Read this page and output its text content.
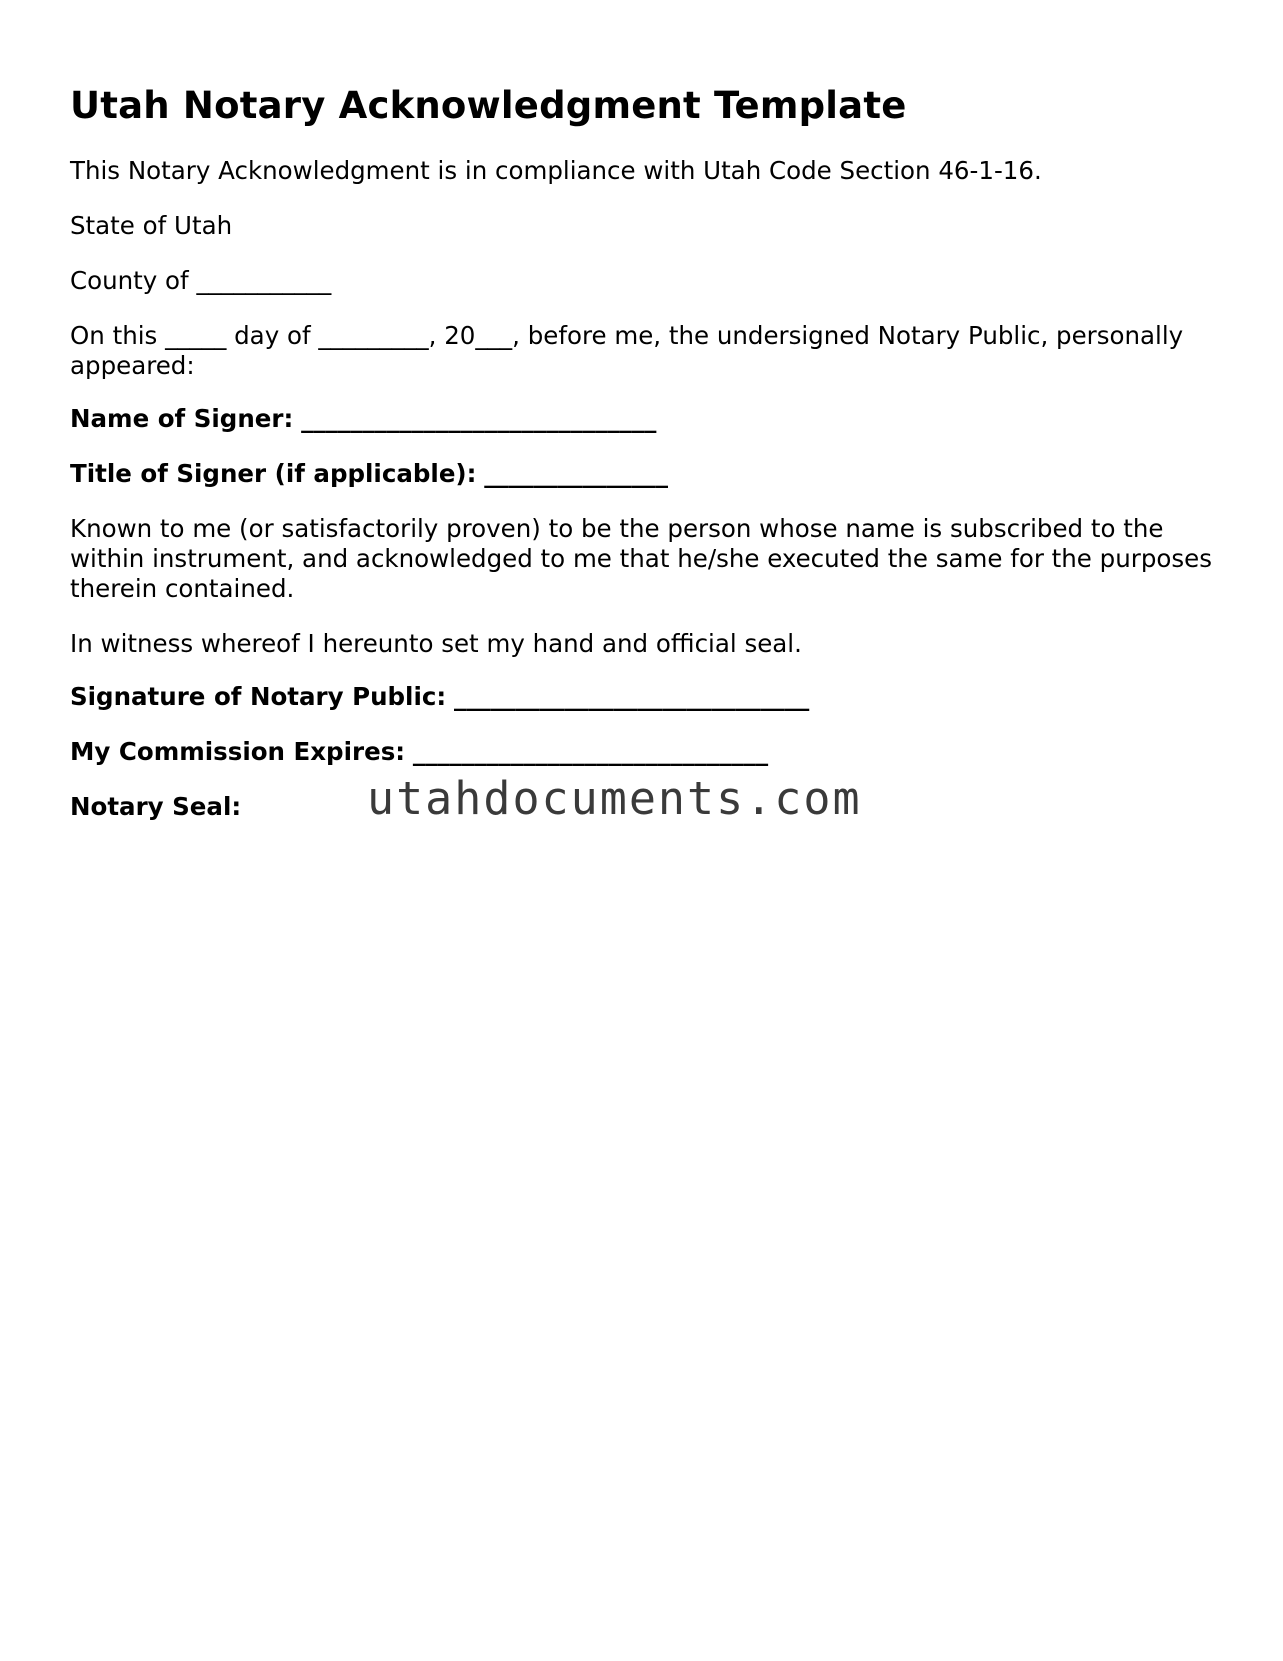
Utah Notary Acknowledgment Template

This Notary Acknowledgment is in compliance with Utah Code Section 46-1-16.

State of Utah

County of ___________

On this _____ day of _________, 20___, before me, the undersigned Notary Public, personally appeared:

Name of Signer: _____________________________

Title of Signer (if applicable): _______________

Known to me (or satisfactorily proven) to be the person whose name is subscribed to the within instrument, and acknowledged to me that he/she executed the same for the purposes therein contained.

In witness whereof I hereunto set my hand and official seal.

Signature of Notary Public: _____________________________

My Commission Expires: _____________________________

Notary Seal:	utahdocuments.com
